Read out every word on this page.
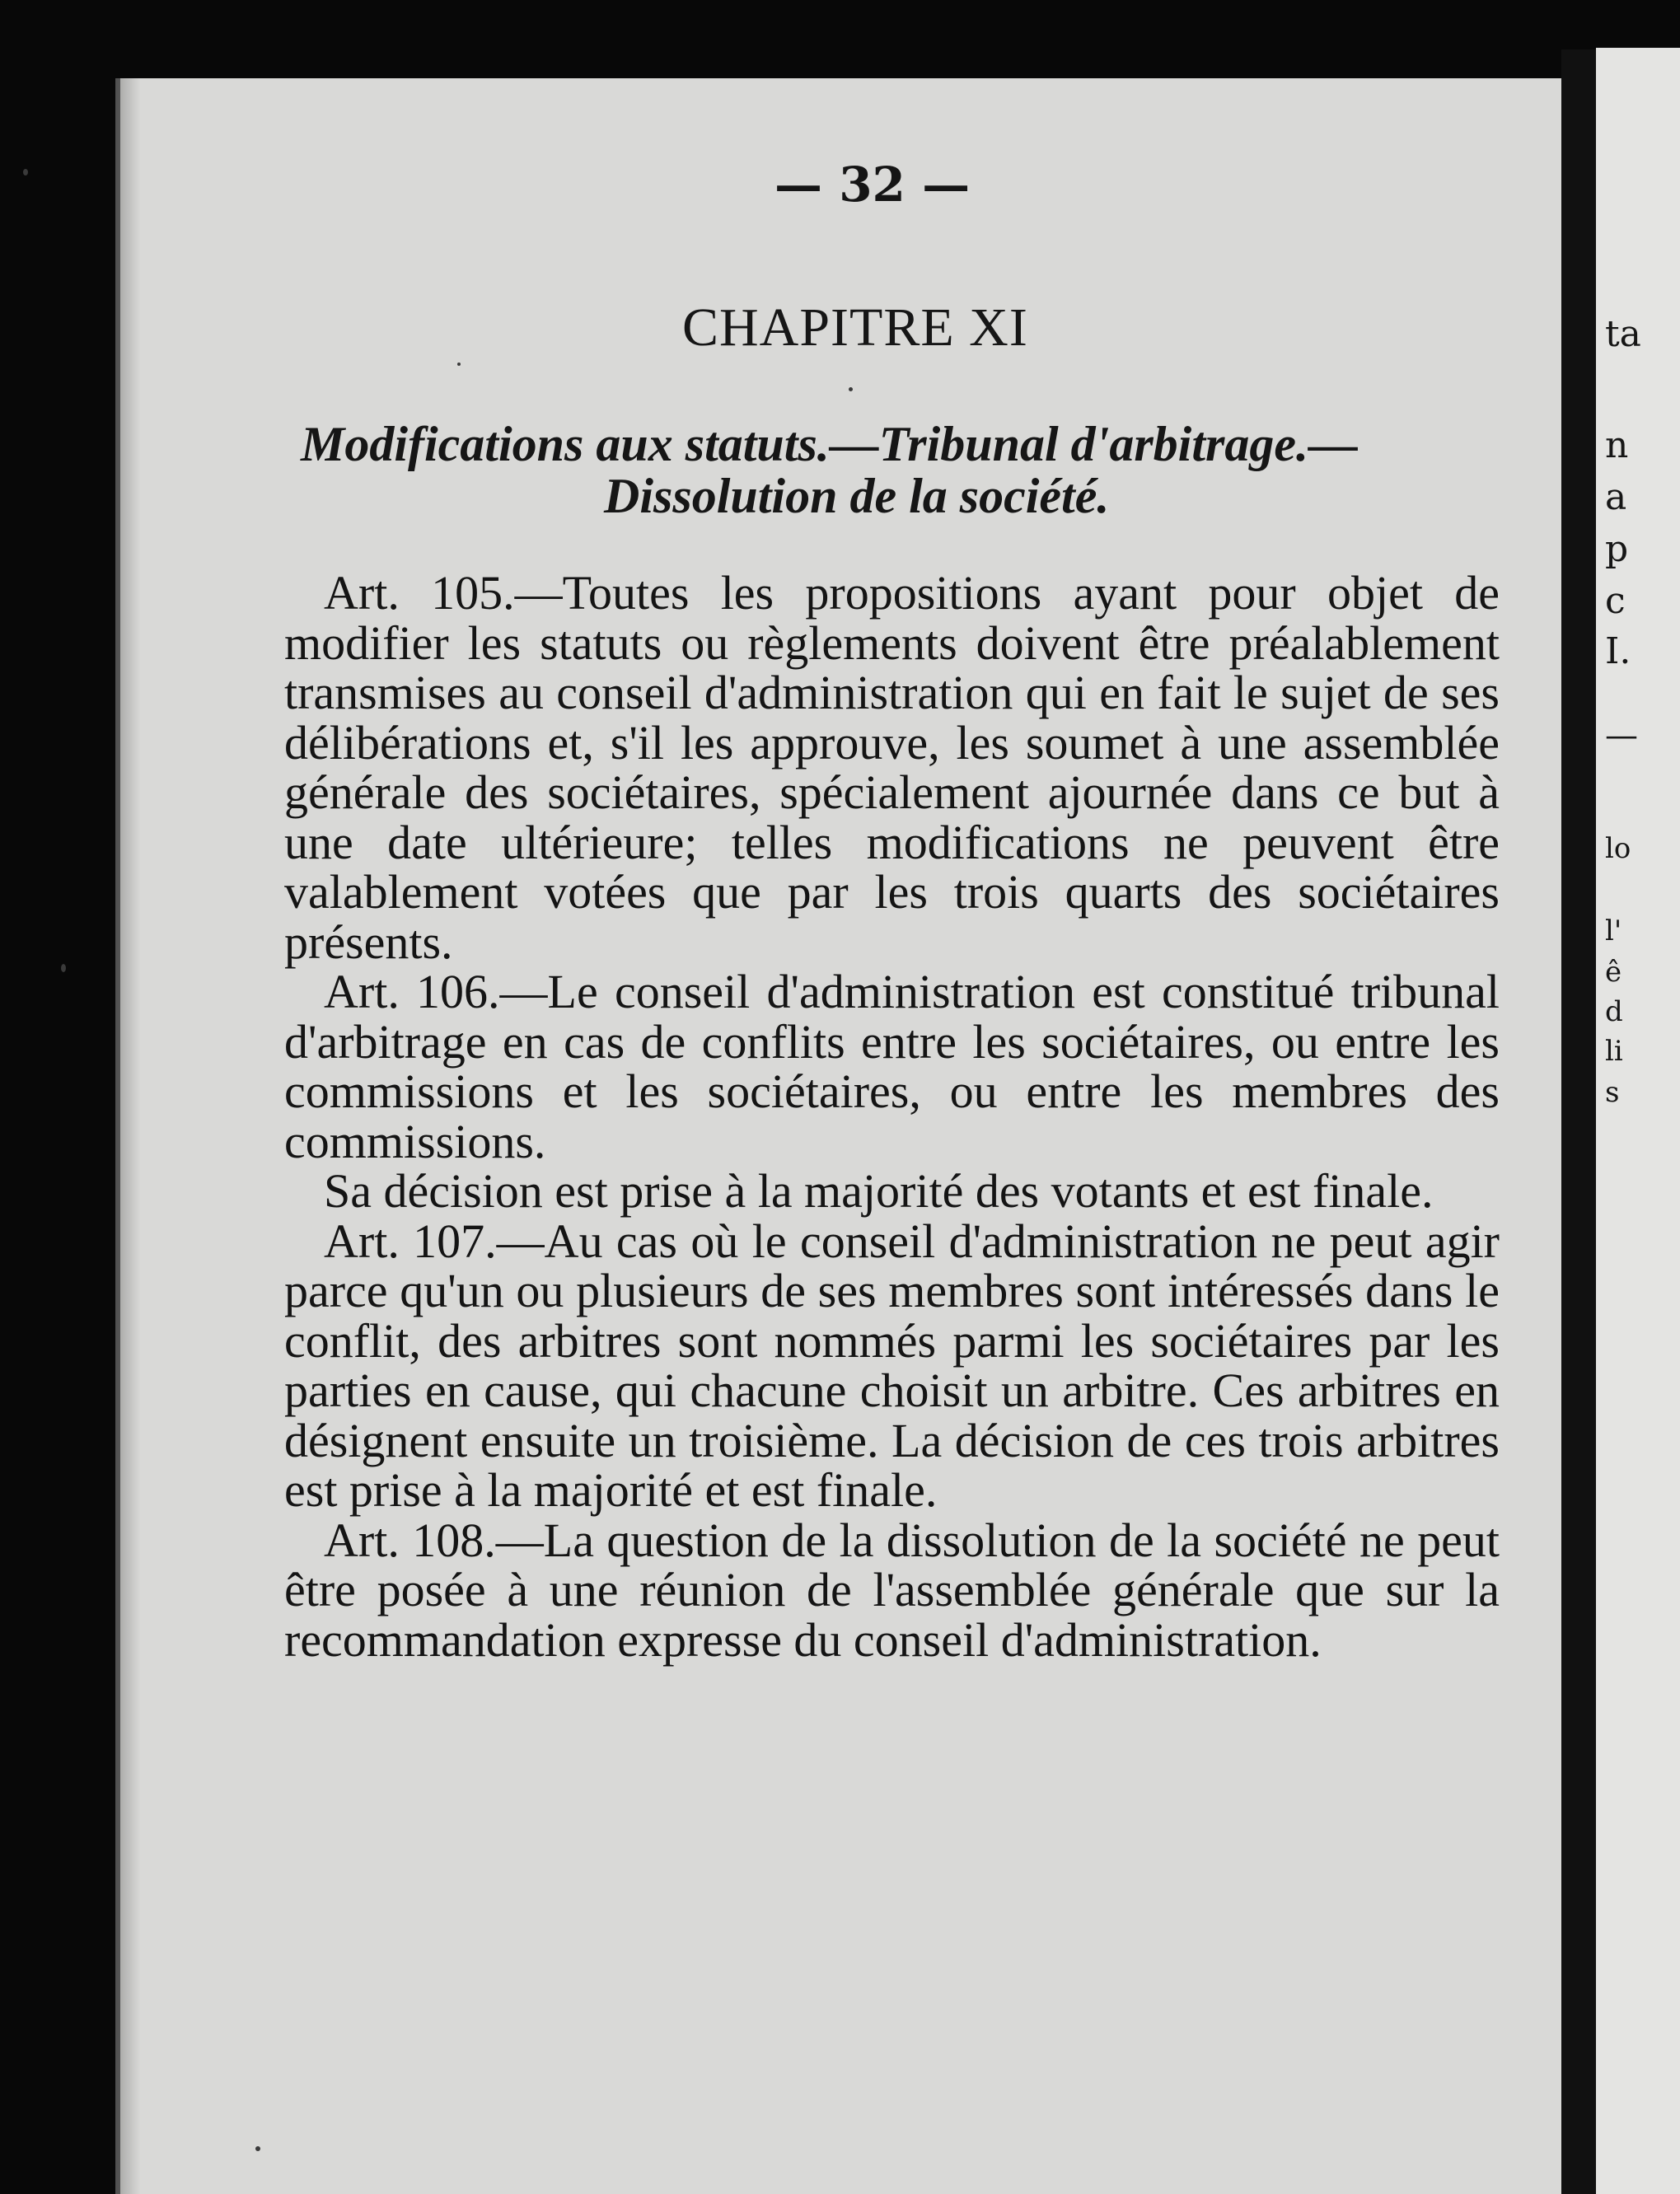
— 32 —
CHAPITRE XI
Modifications aux statuts.—Tribunal d'arbitrage.—
Dissolution de la société.

Art. 105.—Toutes les propositions ayant pour objet de modifier les statuts ou règlements doivent être préalablement transmises au conseil d'administration qui en fait le sujet de ses délibérations et, s'il les approuve, les soumet à une assemblée générale des sociétaires, spécialement ajournée dans ce but à une date ultérieure; telles modifications ne peuvent être valablement votées que par les trois quarts des sociétaires présents.

Art. 106.—Le conseil d'administration est constitué tribunal d'arbitrage en cas de conflits entre les sociétaires, ou entre les commissions et les sociétaires, ou entre les membres des commissions.

Sa décision est prise à la majorité des votants et est finale.

Art. 107.—Au cas où le conseil d'administration ne peut agir parce qu'un ou plusieurs de ses membres sont intéressés dans le conflit, des arbitres sont nommés parmi les sociétaires par les parties en cause, qui chacune choisit un arbitre. Ces arbitres en désignent ensuite un troisième. La décision de ces trois arbitres est prise à la majorité et est finale.

Art. 108.—La question de la dissolution de la société ne peut être posée à une réunion de l'assemblée générale que sur la recommandation expresse du conseil d'administration.

ta
n
a
p
c
I.
—
lo
l'
ê
d
li
s
